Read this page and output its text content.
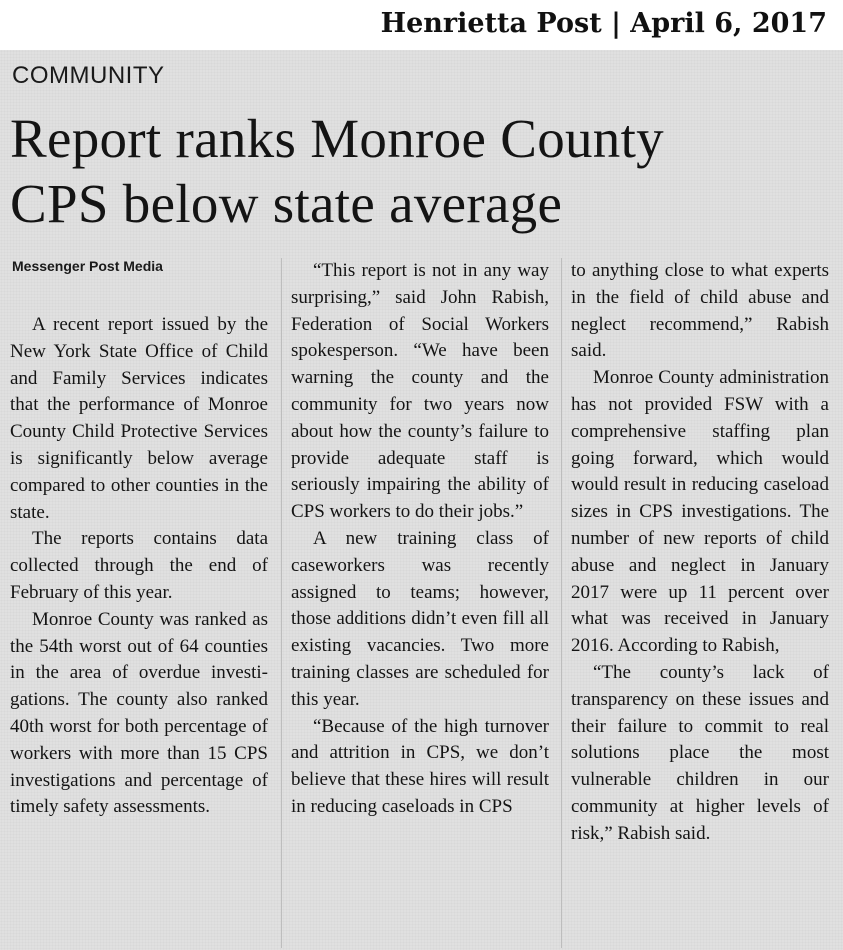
Henrietta Post | April 6, 2017
COMMUNITY
Report ranks Monroe County
CPS below state average
Messenger Post Media

A recent report issued by the New York State Office of Child and Family Services indicates that the performance of Monroe County Child Protective Services is significantly below average compared to other counties in the state.

The reports contains data collected through the end of February of this year.

Monroe County was ranked as the 54th worst out of 64 counties in the area of overdue investigations. The county also ranked 40th worst for both percentage of workers with more than 15 CPS investigations and percentage of timely safety assessments.

“This report is not in any way surprising,” said John Rabish, Federation of Social Workers spokesperson. “We have been warning the county and the community for two years now about how the county’s failure to provide adequate staff is seriously impairing the ability of CPS workers to do their jobs.”

A new training class of caseworkers was recently assigned to teams; however, those additions didn’t even fill all existing vacancies. Two more training classes are scheduled for this year.

“Because of the high turnover and attrition in CPS, we don’t believe that these hires will result in reducing caseloads in CPS

to anything close to what experts in the field of child abuse and neglect recommend,” Rabish said.

Monroe County administration has not provided FSW with a comprehensive staffing plan going forward, which would would result in reducing caseload sizes in CPS investigations. The number of new reports of child abuse and neglect in January 2017 were up 11 percent over what was received in January 2016. According to Rabish,

“The county’s lack of transparency on these issues and their failure to commit to real solutions place the most vulnerable children in our community at higher levels of risk,” Rabish said.
